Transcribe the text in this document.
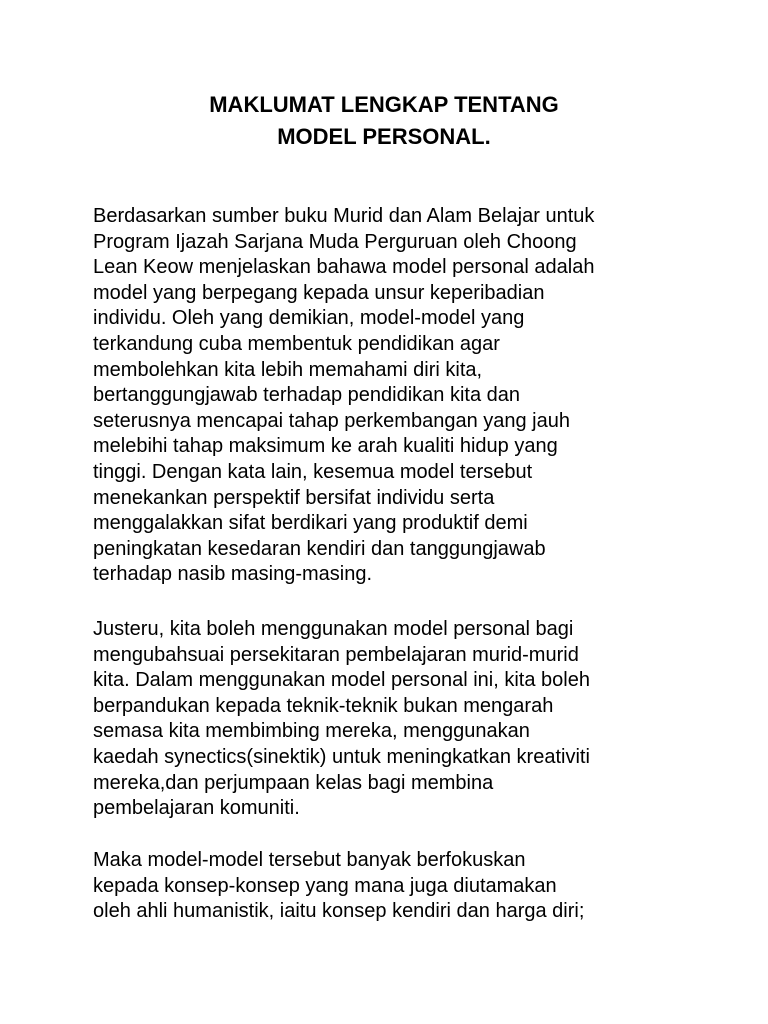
MAKLUMAT LENGKAP TENTANG
MODEL PERSONAL.

Berdasarkan sumber buku Murid dan Alam Belajar untuk
Program Ijazah Sarjana Muda Perguruan oleh Choong
Lean Keow menjelaskan bahawa model personal adalah
model yang berpegang kepada unsur keperibadian
individu. Oleh yang demikian, model-model yang
terkandung cuba membentuk pendidikan agar
membolehkan kita lebih memahami diri kita,
bertanggungjawab terhadap pendidikan kita dan
seterusnya mencapai tahap perkembangan yang jauh
melebihi tahap maksimum ke arah kualiti hidup yang
tinggi. Dengan kata lain, kesemua model tersebut
menekankan perspektif bersifat individu serta
menggalakkan sifat berdikari yang produktif demi
peningkatan kesedaran kendiri dan tanggungjawab
terhadap nasib masing-masing.

Justeru, kita boleh menggunakan model personal bagi
mengubahsuai persekitaran pembelajaran murid-murid
kita. Dalam menggunakan model personal ini, kita boleh
berpandukan kepada teknik-teknik bukan mengarah
semasa kita membimbing mereka, menggunakan
kaedah synectics(sinektik) untuk meningkatkan kreativiti
mereka,dan perjumpaan kelas bagi membina
pembelajaran komuniti.

Maka model-model tersebut banyak berfokuskan
kepada konsep-konsep yang mana juga diutamakan
oleh ahli humanistik, iaitu konsep kendiri dan harga diri;
